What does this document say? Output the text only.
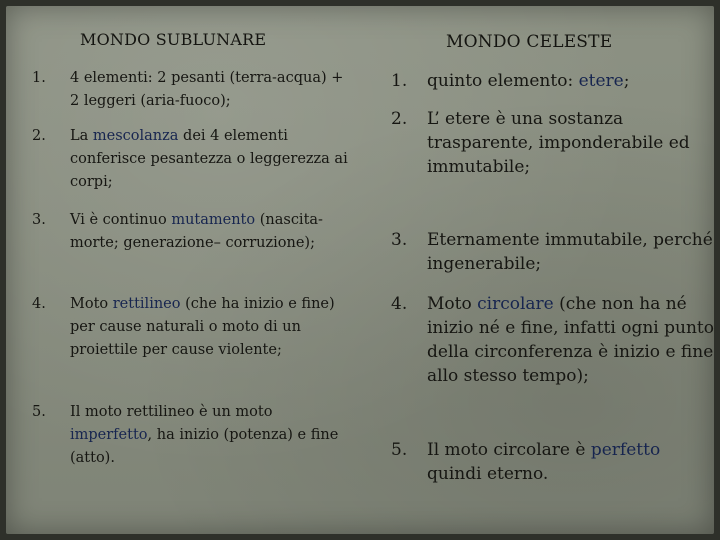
MONDO SUBLUNARE	MONDO CELESTE
1.	4 elementi: 2 pesanti (terra-acqua) + 2 leggeri (aria-fuoco);
2.	La mescolanza dei 4 elementi conferisce pesantezza o leggerezza ai corpi;
3.	Vi è continuo mutamento (nascita-morte; generazione– corruzione);
4.	Moto rettilineo (che ha inizio e fine) per cause naturali o moto di un proiettile per cause violente;
5.	Il moto rettilineo è un moto imperfetto, ha inizio (potenza) e fine (atto).
1. quinto elemento: etere;
2. L’ etere è una sostanza trasparente, imponderabile ed immutabile;
3. Eternamente immutabile, perché ingenerabile;
4. Moto circolare (che non ha né inizio né e fine, infatti ogni punto della circonferenza è inizio e fine allo stesso tempo);
5. Il moto circolare è perfetto quindi eterno.
